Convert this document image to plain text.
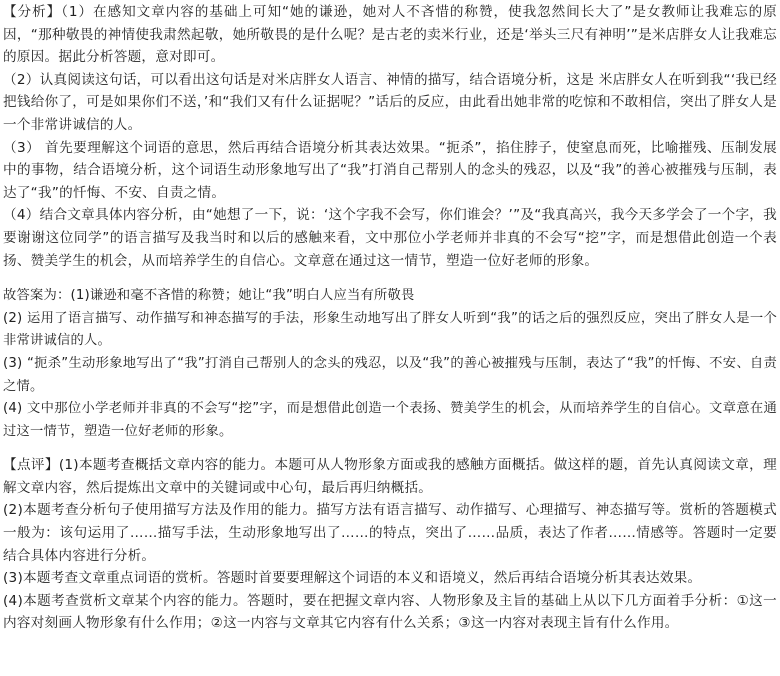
【分析】（1）在感知文章内容的基础上可知“她的谦逊，她对人不吝惜的称赞，使我忽然间长大了”是女教师让我难忘的原因，“那种敬畏的神情使我肃然起敬，她所敬畏的是什么呢？是古老的卖米行业，还是‘举头三尺有神明’”是米店胖女人让我难忘的原因。据此分析答题，意对即可。

（2）认真阅读这句话，可以看出这句话是对米店胖女人语言、神情的描写，结合语境分析，这是 米店胖女人在听到我“‘我已经把钱给你了，可是如果你们不送，’和“我们又有什么证据呢？”话后的反应，由此看出她非常的吃惊和不敢相信，突出了胖女人是一个非常讲诚信的人。

（3） 首先要理解这个词语的意思，然后再结合语境分析其表达效果。“扼杀”，掐住脖子，使窒息而死，比喻摧残、压制发展中的事物，结合语境分析，这个词语生动形象地写出了“我”打消自己帮别人的念头的残忍，以及“我”的善心被摧残与压制，表达了“我”的忏悔、不安、自责之情。

（4）结合文章具体内容分析，由“她想了一下，说：‘这个字我不会写，你们谁会？’”及“我真高兴，我今天多学会了一个字，我要谢谢这位同学”的语言描写及我当时和以后的感触来看，文中那位小学老师并非真的不会写“挖”字，而是想借此创造一个表扬、赞美学生的机会，从而培养学生的自信心。文章意在通过这一情节，塑造一位好老师的形象。

故答案为：(1)谦逊和毫不吝惜的称赞；她让“我”明白人应当有所敬畏

(2) 运用了语言描写、动作描写和神态描写的手法，形象生动地写出了胖女人听到“我”的话之后的强烈反应，突出了胖女人是一个非常讲诚信的人。

(3) “扼杀”生动形象地写出了“我”打消自己帮别人的念头的残忍，以及“我”的善心被摧残与压制，表达了“我”的忏悔、不安、自责之情。

(4) 文中那位小学老师并非真的不会写“挖”字，而是想借此创造一个表扬、赞美学生的机会，从而培养学生的自信心。文章意在通过这一情节，塑造一位好老师的形象。

【点评】(1)本题考查概括文章内容的能力。本题可从人物形象方面或我的感触方面概括。做这样的题，首先认真阅读文章，理解文章内容，然后提炼出文章中的关键词或中心句，最后再归纳概括。

(2)本题考查分析句子使用描写方法及作用的能力。描写方法有语言描写、动作描写、心理描写、神态描写等。赏析的答题模式一般为：该句运用了……描写手法，生动形象地写出了……的特点，突出了……品质，表达了作者……情感等。答题时一定要结合具体内容进行分析。

(3)本题考查文章重点词语的赏析。答题时首要要理解这个词语的本义和语境义，然后再结合语境分析其表达效果。

(4)本题考查赏析文章某个内容的能力。答题时，要在把握文章内容、人物形象及主旨的基础上从以下几方面着手分析：①这一内容对刻画人物形象有什么作用；②这一内容与文章其它内容有什么关系；③这一内容对表现主旨有什么作用。
